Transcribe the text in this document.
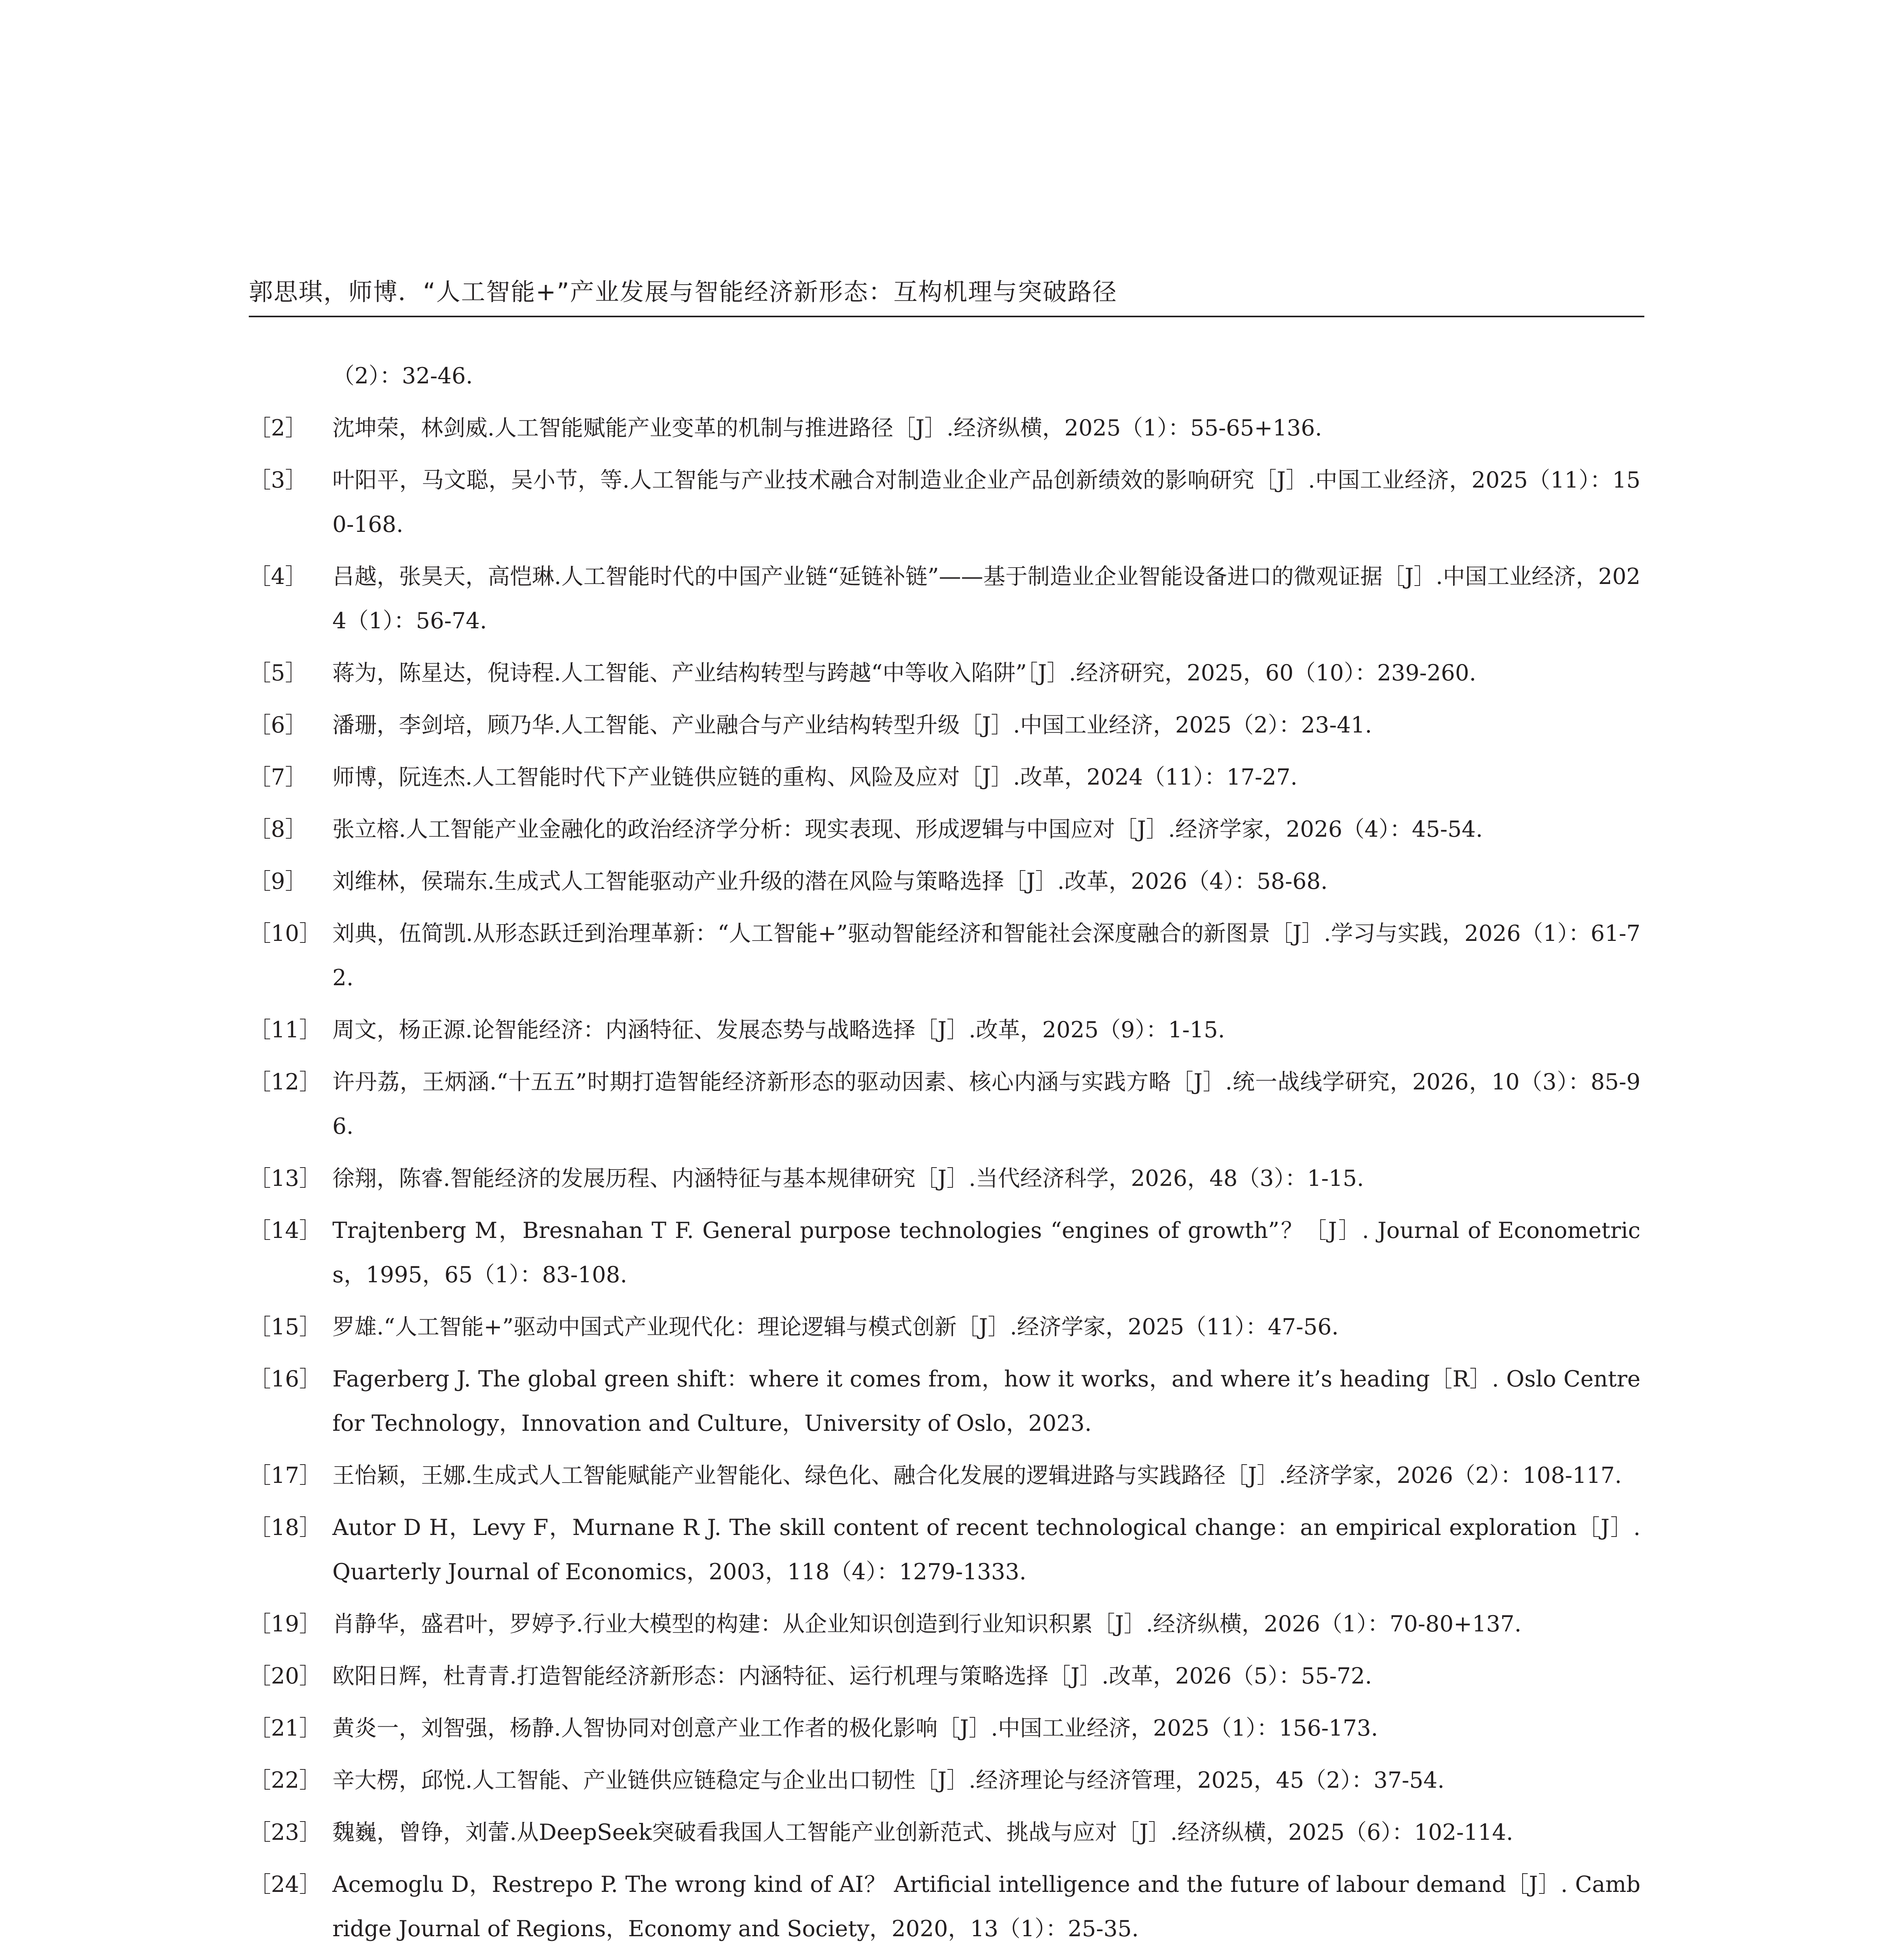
郭思琪，师博．“人工智能+”产业发展与智能经济新形态：互构机理与突破路径
（2）：32-46.
［2］	沈坤荣，林剑威.人工智能赋能产业变革的机制与推进路径［J］.经济纵横，2025（1）：55-65+136.
［3］	叶阳平，马文聪，吴小节，等.人工智能与产业技术融合对制造业企业产品创新绩效的影响研究［J］.中国工业经济，2025（11）：150-168.
［4］	吕越，张昊天，高恺琳.人工智能时代的中国产业链“延链补链”——基于制造业企业智能设备进口的微观证据［J］.中国工业经济，2024（1）：56-74.
［5］	蒋为，陈星达，倪诗程.人工智能、产业结构转型与跨越“中等收入陷阱”［J］.经济研究，2025，60（10）：239-260.
［6］	潘珊，李剑培，顾乃华.人工智能、产业融合与产业结构转型升级［J］.中国工业经济，2025（2）：23-41.
［7］	师博，阮连杰.人工智能时代下产业链供应链的重构、风险及应对［J］.改革，2024（11）：17-27.
［8］	张立榕.人工智能产业金融化的政治经济学分析：现实表现、形成逻辑与中国应对［J］.经济学家，2026（4）：45-54.
［9］	刘维林，侯瑞东.生成式人工智能驱动产业升级的潜在风险与策略选择［J］.改革，2026（4）：58-68.
［10］ 刘典，伍简凯.从形态跃迁到治理革新：“人工智能+”驱动智能经济和智能社会深度融合的新图景［J］.学习与实践，2026（1）：61-72.
［11］ 周文，杨正源.论智能经济：内涵特征、发展态势与战略选择［J］.改革，2025（9）：1-15.
［12］ 许丹荔，王炳涵.“十五五”时期打造智能经济新形态的驱动因素、核心内涵与实践方略［J］.统一战线学研究，2026，10（3）：85-96.
［13］ 徐翔，陈睿.智能经济的发展历程、内涵特征与基本规律研究［J］.当代经济科学，2026，48（3）：1-15.
［14］ Trajtenberg M，Bresnahan T F. General purpose technologies “engines of growth”？［J］. Journal of Econometrics，1995，65（1）：83-108.
［15］ 罗雄.“人工智能+”驱动中国式产业现代化：理论逻辑与模式创新［J］.经济学家，2025（11）：47-56.
［16］ Fagerberg J. The global green shift：where it comes from，how it works，and where it’s heading［R］. Oslo Centre for Technology，Innovation and Culture，University of Oslo，2023.
［17］ 王怡颖，王娜.生成式人工智能赋能产业智能化、绿色化、融合化发展的逻辑进路与实践路径［J］.经济学家，2026（2）：108-117.
［18］ Autor D H，Levy F，Murnane R J. The skill content of recent technological change：an empirical exploration［J］. Quarterly Journal of Economics，2003，118（4）：1279-1333.
［19］ 肖静华，盛君叶，罗婷予.行业大模型的构建：从企业知识创造到行业知识积累［J］.经济纵横，2026（1）：70-80+137.
［20］ 欧阳日辉，杜青青.打造智能经济新形态：内涵特征、运行机理与策略选择［J］.改革，2026（5）：55-72.
［21］ 黄炎一，刘智强，杨静.人智协同对创意产业工作者的极化影响［J］.中国工业经济，2025（1）：156-173.
［22］ 辛大楞，邱悦.人工智能、产业链供应链稳定与企业出口韧性［J］.经济理论与经济管理，2025，45（2）：37-54.
［23］ 魏巍，曾铮，刘蕾.从DeepSeek突破看我国人工智能产业创新范式、挑战与应对［J］.经济纵横，2025（6）：102-114.
［24］ Acemoglu D，Restrepo P. The wrong kind of AI？ Artificial intelligence and the future of labour demand［J］. Cambridge Journal of Regions，Economy and Society，2020，13（1）：25-35.
